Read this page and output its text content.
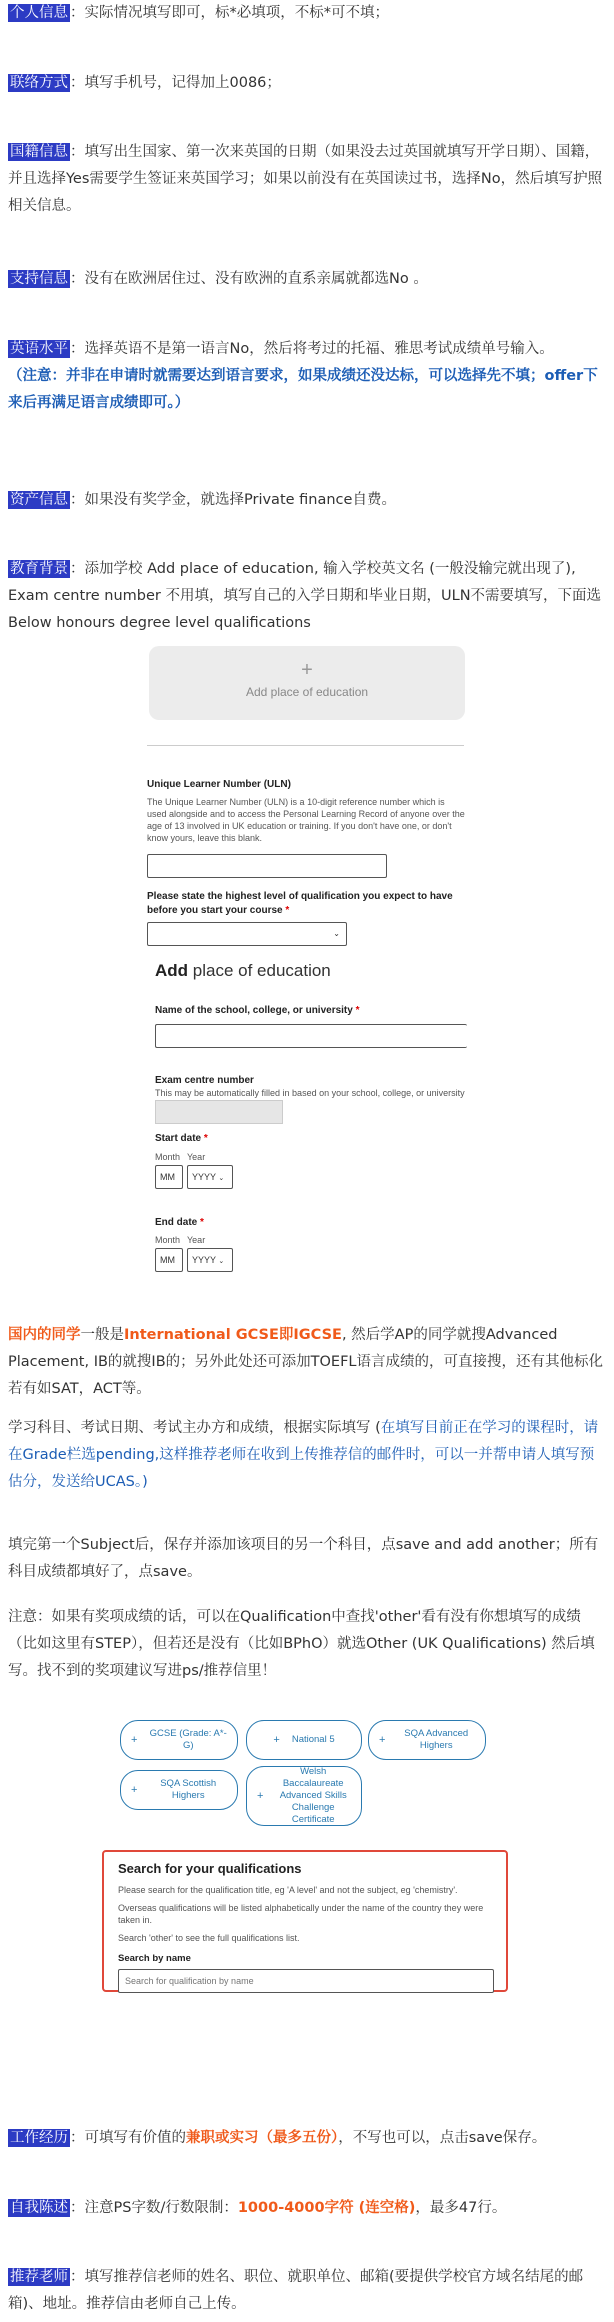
个人信息 ：实际情况填写即可，标*必填项，不标*可不填；
联络方式 ：填写手机号，记得加上0086；
国籍信息 ：填写出生国家、第一次来英国的日期（如果没去过英国就填写开学日期）、国籍，并且选择Yes需要学生签证来英国学习；如果以前没有在英国读过书，选择No，然后填写护照相关信息。
支持信息 ：没有在欧洲居住过、没有欧洲的直系亲属就都选No 。
英语水平 ：选择英语不是第一语言No，然后将考过的托福、雅思考试成绩单号输入。
（注意：并非在申请时就需要达到语言要求，如果成绩还没达标，可以选择先不填；offer下来后再满足语言成绩即可。）
资产信息 ：如果没有奖学金，就选择Private finance自费。
教育背景 ：添加学校 Add place of education, 输入学校英文名 (一般没输完就出现了), Exam centre number 不用填，填写自己的入学日期和毕业日期，ULN不需要填写，下面选Below honours degree level qualifications
+
Add place of education
Unique Learner Number (ULN)
The Unique Learner Number (ULN) is a 10-digit reference number which is used alongside and to access the Personal Learning Record of anyone over the age of 13 involved in UK education or training. If you don't have one, or don't know yours, leave this blank.
Please state the highest level of qualification you expect to have before you start your course *
⌄
Add place of education
Name of the school, college, or university *
Exam centre number
This may be automatically filled in based on your school, college, or university
Start date *
Month Year
MM	YYYY ⌄
End date *
Month Year
MM	YYYY ⌄
国内的同学一般是International GCSE即IGCSE, 然后学AP的同学就搜Advanced Placement, IB的就搜IB的；另外此处还可添加TOEFL语言成绩的，可直接搜，还有其他标化若有如SAT，ACT等。
学习科目、考试日期、考试主办方和成绩，根据实际填写 (在填写目前正在学习的课程时，请在Grade栏选pending,这样推荐老师在收到上传推荐信的邮件时，可以一并帮申请人填写预估分，发送给UCAS。)
填完第一个Subject后，保存并添加该项目的另一个科目，点save and add another；所有科目成绩都填好了，点save。
注意：如果有奖项成绩的话，可以在Qualification中查找'other'看有没有你想填写的成绩（比如这里有STEP），但若还是没有（比如BPhO）就选Other (UK Qualifications) 然后填写。找不到的奖项建议写进ps/推荐信里！
+
GCSE (Grade: A*-G)	+ National 5	+
SQA Advanced Highers
+
SQA Scottish Highers	+
Welsh Baccalaureate Advanced Skills Challenge Certificate
Search for your qualifications
Please search for the qualification title, eg 'A level' and not the subject, eg 'chemistry'.
Overseas qualifications will be listed alphabetically under the name of the country they were taken in.
Search 'other' to see the full qualifications list.
Search by name
Search for qualification by name
工作经历 ：可填写有价值的兼职或实习（最多五份），不写也可以，点击save保存。
自我陈述 ：注意PS字数/行数限制：1000-4000字符 (连空格)，最多47行。
推荐老师 ：填写推荐信老师的姓名、职位、就职单位、邮箱(要提供学校官方域名结尾的邮箱)、地址。推荐信由老师自己上传。
